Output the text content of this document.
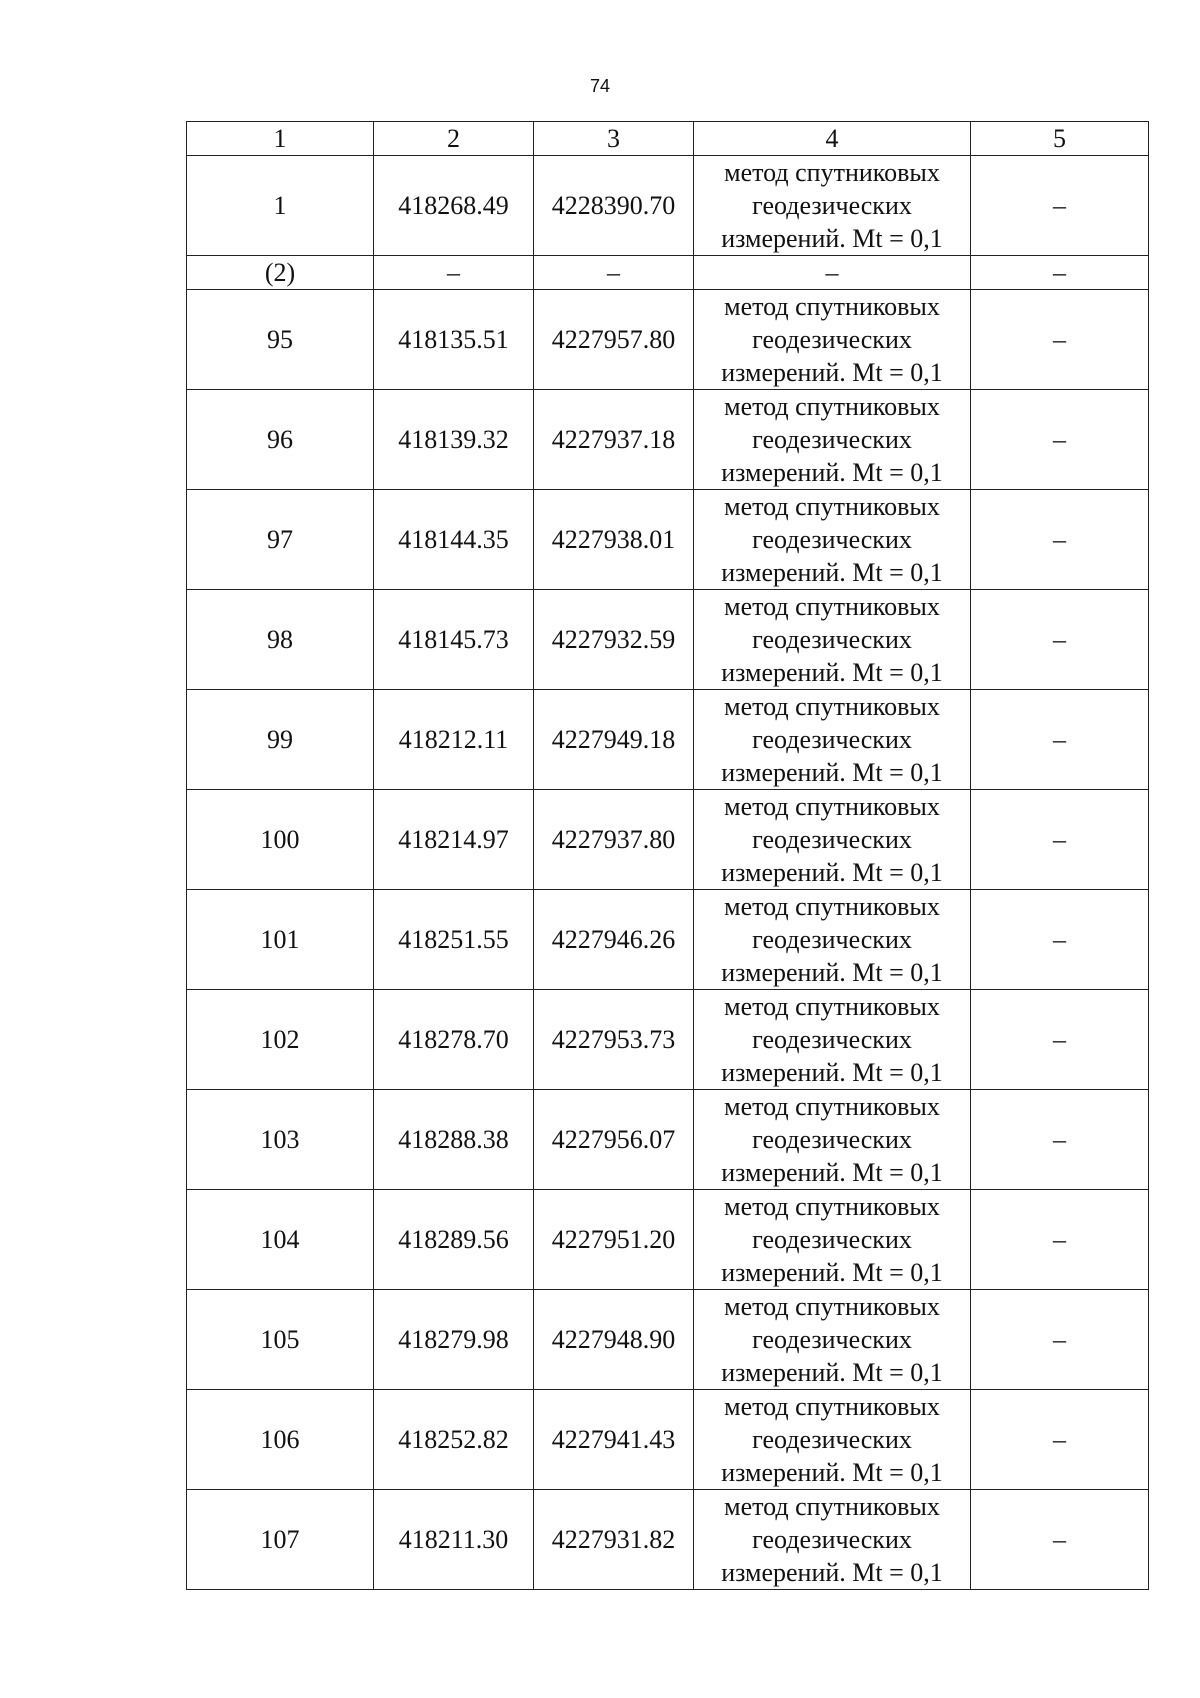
74
1	2	3	4	5
1	418268.49	4228390.70	метод спутниковых
геодезических
измерений. Mt = 0,1	–
(2)	–	–	–	–
95	418135.51	4227957.80	метод спутниковых
геодезических
измерений. Mt = 0,1	–
96	418139.32	4227937.18	метод спутниковых
геодезических
измерений. Mt = 0,1	–
97	418144.35	4227938.01	метод спутниковых
геодезических
измерений. Mt = 0,1	–
98	418145.73	4227932.59	метод спутниковых
геодезических
измерений. Mt = 0,1	–
99	418212.11	4227949.18	метод спутниковых
геодезических
измерений. Mt = 0,1	–
100	418214.97	4227937.80	метод спутниковых
геодезических
измерений. Mt = 0,1	–
101	418251.55	4227946.26	метод спутниковых
геодезических
измерений. Mt = 0,1	–
102	418278.70	4227953.73	метод спутниковых
геодезических
измерений. Mt = 0,1	–
103	418288.38	4227956.07	метод спутниковых
геодезических
измерений. Mt = 0,1	–
104	418289.56	4227951.20	метод спутниковых
геодезических
измерений. Mt = 0,1	–
105	418279.98	4227948.90	метод спутниковых
геодезических
измерений. Mt = 0,1	–
106	418252.82	4227941.43	метод спутниковых
геодезических
измерений. Mt = 0,1	–
107	418211.30	4227931.82	метод спутниковых
геодезических
измерений. Mt = 0,1	–
